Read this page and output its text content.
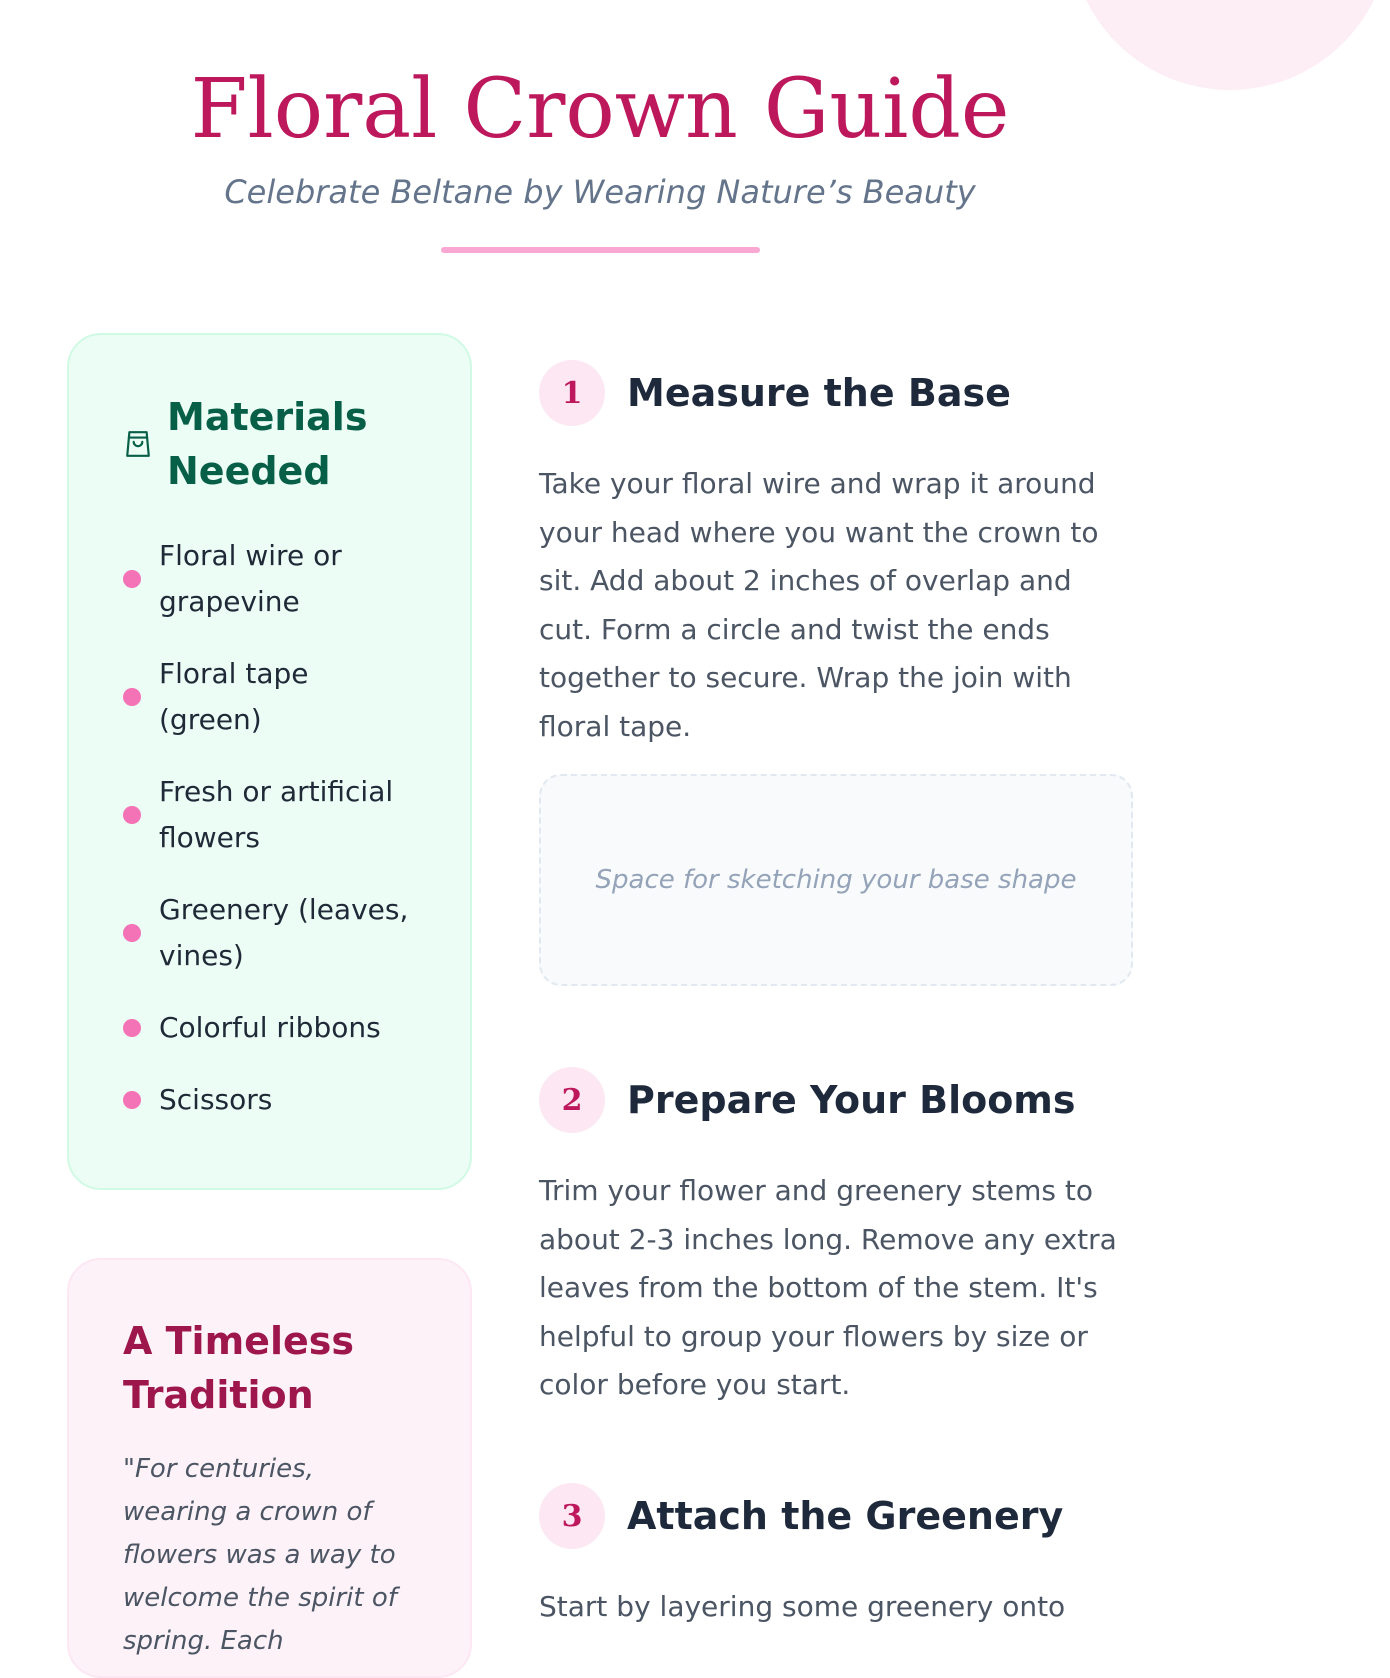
Floral Crown Guide

Celebrate Beltane by Wearing Nature’s Beauty

Materials Needed
Floral wire or grapevine
Floral tape (green)
Fresh or artificial flowers
Greenery (leaves, vines)
Colorful ribbons
Scissors
A Timeless Tradition

"For centuries, wearing a crown of flowers was a way to welcome the spirit of spring. Each

1	Measure the Base

Take your floral wire and wrap it around your head where you want the crown to sit. Add about 2 inches of overlap and cut. Form a circle and twist the ends together to secure. Wrap the join with floral tape.

Space for sketching your base shape
2	Prepare Your Blooms

Trim your flower and greenery stems to about 2-3 inches long. Remove any extra leaves from the bottom of the stem. It's helpful to group your flowers by size or color before you start.

3	Attach the Greenery

Start by layering some greenery onto
